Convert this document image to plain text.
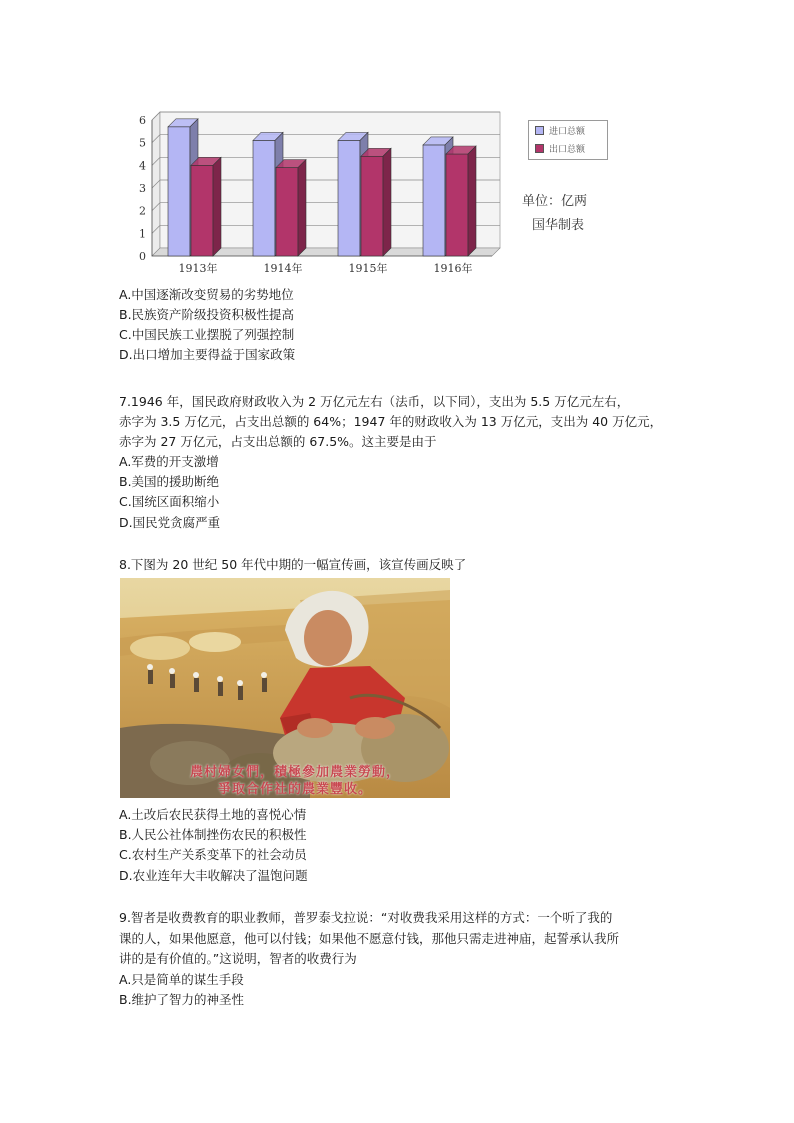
0
1
2
3
4
5
6
1913年	1914年	1915年	1916年
进口总额
出口总额
单位：亿两
国华制表
A.中国逐渐改变贸易的劣势地位
B.民族资产阶级投资积极性提高
C.中国民族工业摆脱了列强控制
D.出口增加主要得益于国家政策
7.1946 年，国民政府财政收入为 2 万亿元左右（法币，以下同），支出为 5.5 万亿元左右，
赤字为 3.5 万亿元，占支出总额的 64%；1947 年的财政收入为 13 万亿元，支出为 40 万亿元，
赤字为 27 万亿元，占支出总额的 67.5%。这主要是由于
A.军费的开支激增
B.美国的援助断绝
C.国统区面积缩小
D.国民党贪腐严重
8.下图为 20 世纪 50 年代中期的一幅宣传画，该宣传画反映了
農村婦女們，積極參加農業勞動，
爭取合作社的農業豐收。
A.土改后农民获得土地的喜悦心情
B.人民公社体制挫伤农民的积极性
C.农村生产关系变革下的社会动员
D.农业连年大丰收解决了温饱问题
9.智者是收费教育的职业教师，普罗泰戈拉说：“对收费我采用这样的方式：一个听了我的
课的人，如果他愿意，他可以付钱；如果他不愿意付钱，那他只需走进神庙，起誓承认我所
讲的是有价值的。”这说明，智者的收费行为
A.只是简单的谋生手段
B.维护了智力的神圣性
